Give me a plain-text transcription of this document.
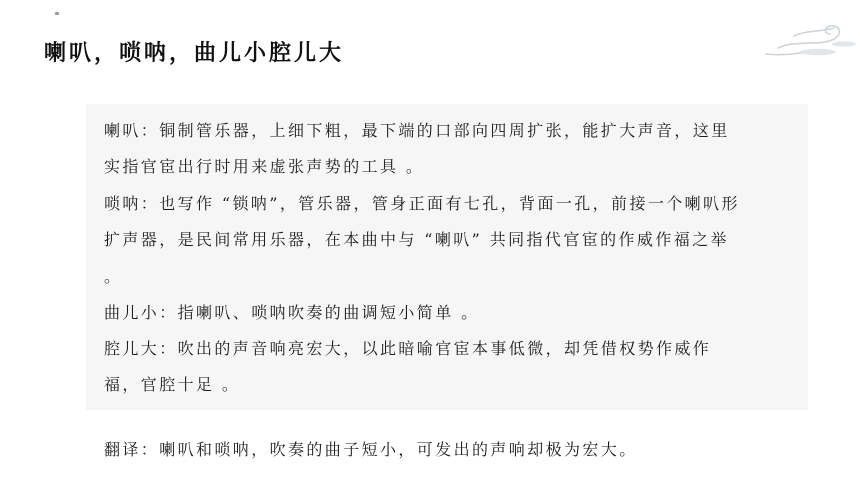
喇叭，唢呐，曲儿小腔儿大

喇叭：铜制管乐器，上细下粗，最下端的口部向四周扩张，能扩大声音，这里实指官宦出行时用来虚张声势的工具 。

唢呐：也写作 “锁呐”，管乐器，管身正面有七孔，背面一孔，前接一个喇叭形扩声器，是民间常用乐器，在本曲中与 “喇叭” 共同指代官宦的作威作福之举 。

曲儿小：指喇叭、唢呐吹奏的曲调短小简单 。

腔儿大：吹出的声音响亮宏大，以此暗喻官宦本事低微，却凭借权势作威作福，官腔十足 。

翻译：喇叭和唢呐，吹奏的曲子短小，可发出的声响却极为宏大。
